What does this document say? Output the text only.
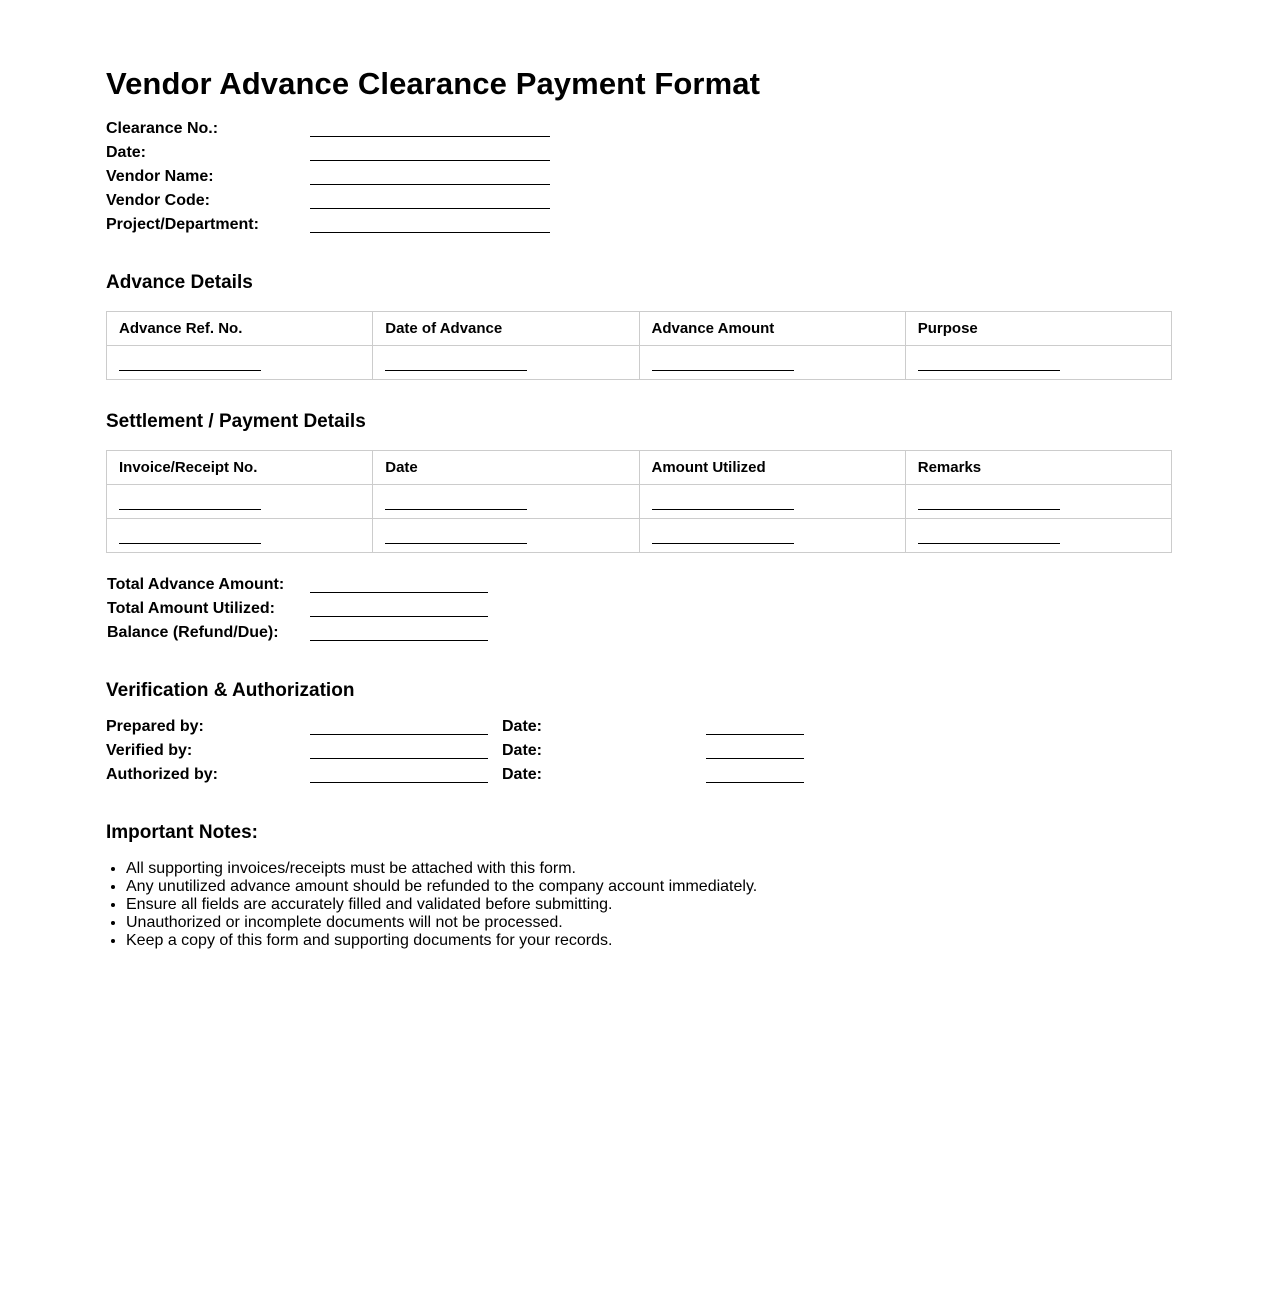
Vendor Advance Clearance Payment Format
Clearance No.:
Date:
Vendor Name:
Vendor Code:
Project/Department:
Advance Details
Advance Ref. No.	Date of Advance	Advance Amount	Purpose

Settlement / Payment Details
Invoice/Receipt No.	Date	Amount Utilized	Remarks

Total Advance Amount:
Total Amount Utilized:
Balance (Refund/Due):
Verification & Authorization
Prepared by:	Date:
Verified by:	Date:
Authorized by:	Date:
Important Notes:
• All supporting invoices/receipts must be attached with this form.
• Any unutilized advance amount should be refunded to the company account immediately.
• Ensure all fields are accurately filled and validated before submitting.
• Unauthorized or incomplete documents will not be processed.
• Keep a copy of this form and supporting documents for your records.
